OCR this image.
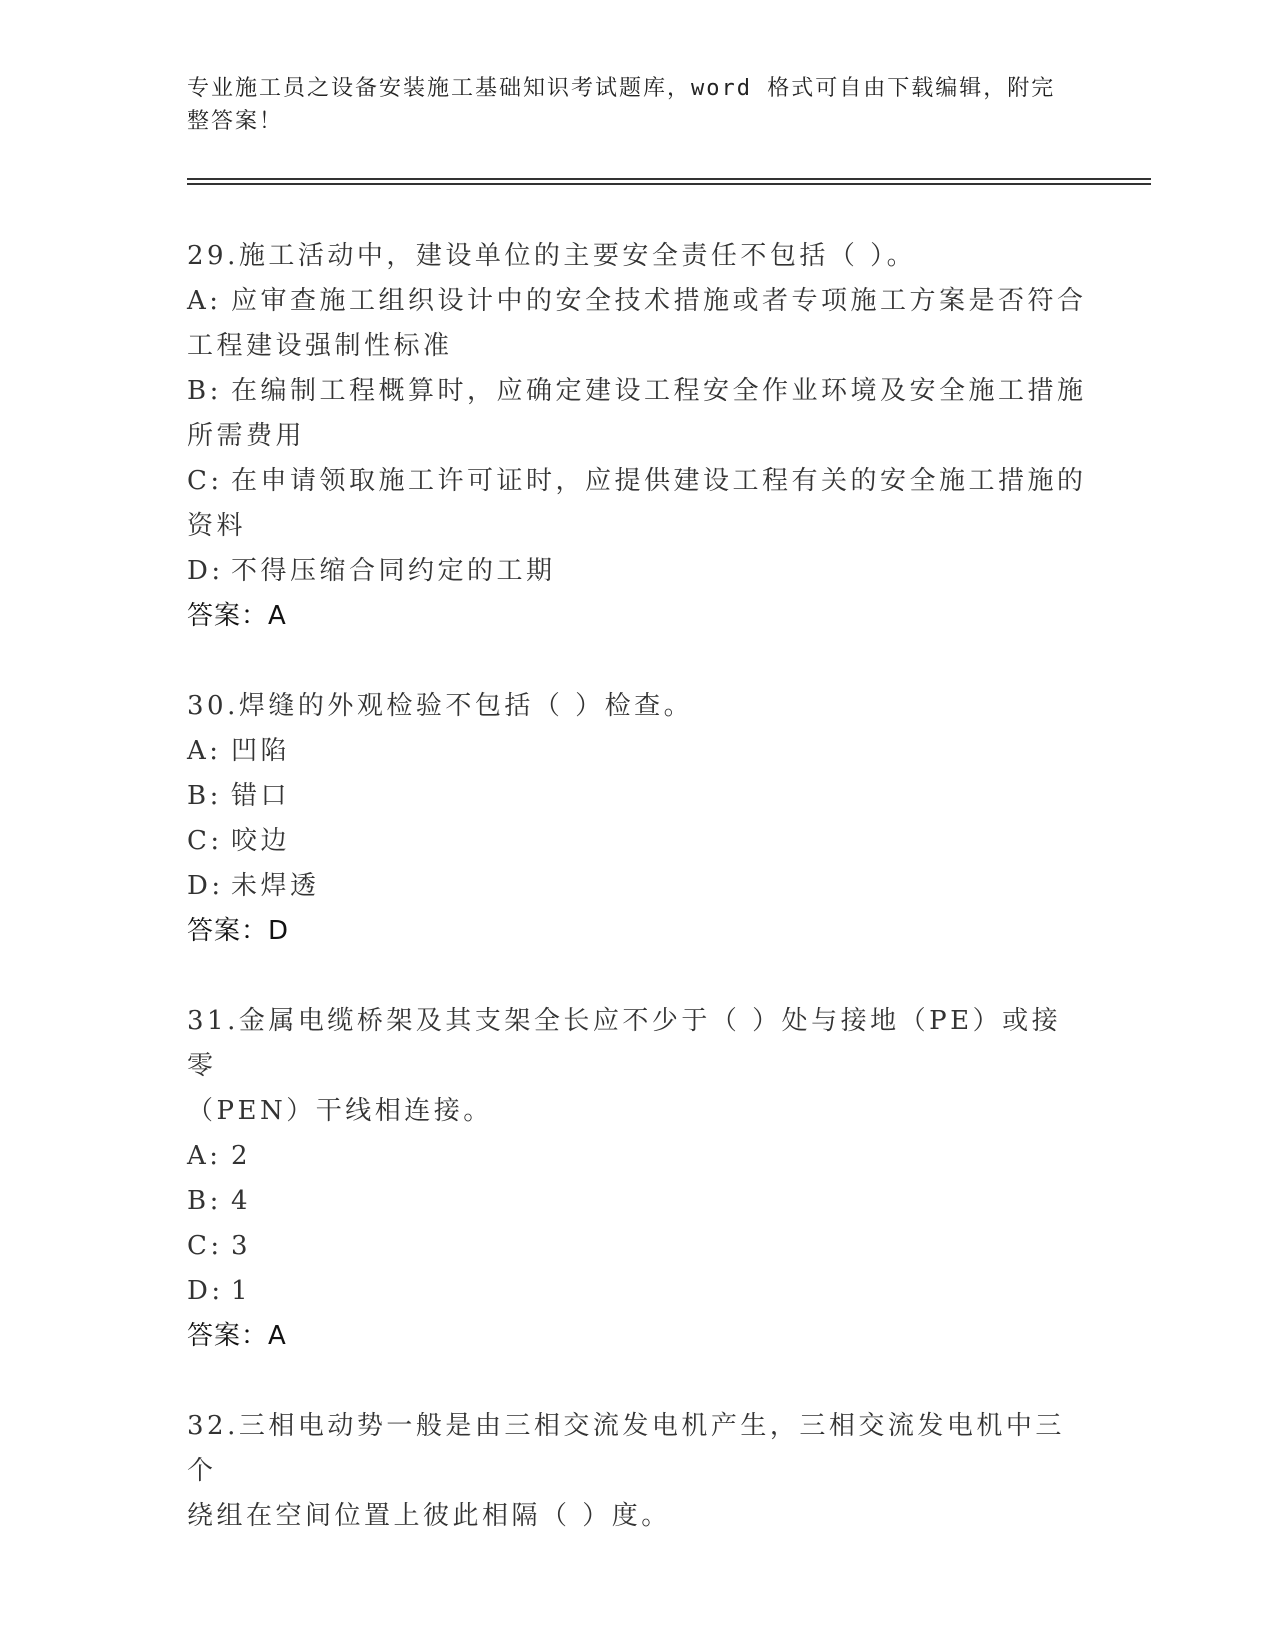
专业施工员之设备安装施工基础知识考试题库，word 格式可自由下载编辑，附完
整答案！
29.施工活动中，建设单位的主要安全责任不包括（ ）。
A: 应审查施工组织设计中的安全技术措施或者专项施工方案是否符合
工程建设强制性标准
B: 在编制工程概算时，应确定建设工程安全作业环境及安全施工措施
所需费用
C: 在申请领取施工许可证时，应提供建设工程有关的安全施工措施的
资料
D: 不得压缩合同约定的工期
答案：A
30.焊缝的外观检验不包括（ ）检查。
A: 凹陷
B: 错口
C: 咬边
D: 未焊透
答案：D
31.金属电缆桥架及其支架全长应不少于（ ）处与接地（PE）或接零
（PEN）干线相连接。
A: 2
B: 4
C: 3
D: 1
答案：A
32.三相电动势一般是由三相交流发电机产生，三相交流发电机中三个
绕组在空间位置上彼此相隔（ ）度。
